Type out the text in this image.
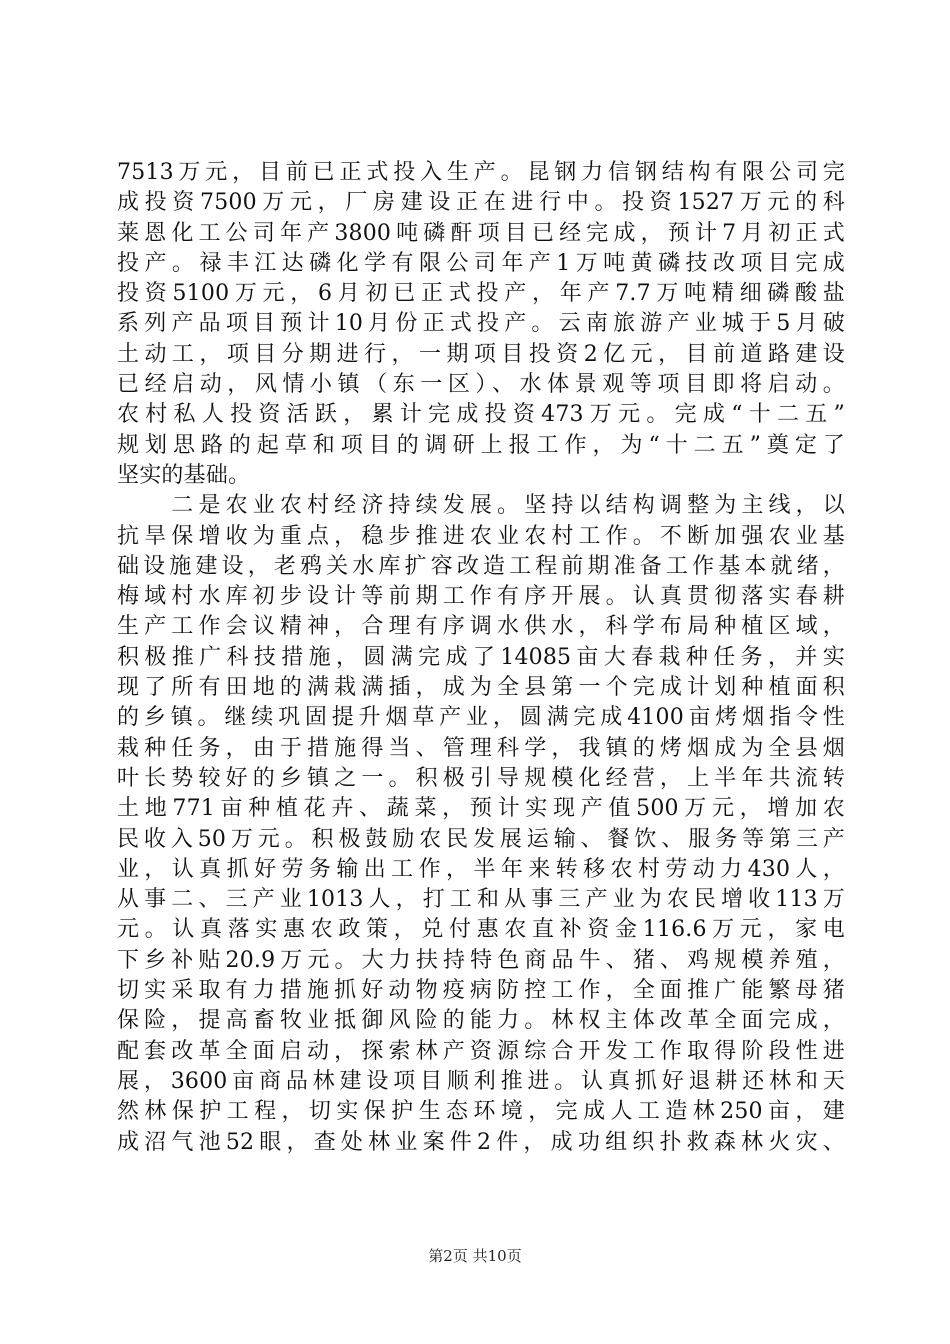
7513万元，目前已正式投入生产。昆钢力信钢结构有限公司完
成投资7500万元，厂房建设正在进行中。投资1527万元的科
莱恩化工公司年产3800吨磷酐项目已经完成，预计7月初正式
投产。禄丰江达磷化学有限公司年产1万吨黄磷技改项目完成
投资5100万元，6月初已正式投产，年产7.7万吨精细磷酸盐
系列产品项目预计10月份正式投产。云南旅游产业城于5月破
土动工，项目分期进行，一期项目投资2亿元，目前道路建设
已经启动，风情小镇（东一区）、水体景观等项目即将启动。
农村私人投资活跃，累计完成投资473万元。完成“十二五”
规划思路的起草和项目的调研上报工作，为“十二五”奠定了
坚实的基础。
　　二是农业农村经济持续发展。坚持以结构调整为主线，以
抗旱保增收为重点，稳步推进农业农村工作。不断加强农业基
础设施建设，老鸦关水库扩容改造工程前期准备工作基本就绪，
梅域村水库初步设计等前期工作有序开展。认真贯彻落实春耕
生产工作会议精神，合理有序调水供水，科学布局种植区域，
积极推广科技措施，圆满完成了14085亩大春栽种任务，并实
现了所有田地的满栽满插，成为全县第一个完成计划种植面积
的乡镇。继续巩固提升烟草产业，圆满完成4100亩烤烟指令性
栽种任务，由于措施得当、管理科学，我镇的烤烟成为全县烟
叶长势较好的乡镇之一。积极引导规模化经营，上半年共流转
土地771亩种植花卉、蔬菜，预计实现产值500万元，增加农
民收入50万元。积极鼓励农民发展运输、餐饮、服务等第三产
业，认真抓好劳务输出工作，半年来转移农村劳动力430人，
从事二、三产业1013人，打工和从事三产业为农民增收113万
元。认真落实惠农政策，兑付惠农直补资金116.6万元，家电
下乡补贴20.9万元。大力扶持特色商品牛、猪、鸡规模养殖，
切实采取有力措施抓好动物疫病防控工作，全面推广能繁母猪
保险，提高畜牧业抵御风险的能力。林权主体改革全面完成，
配套改革全面启动，探索林产资源综合开发工作取得阶段性进
展，3600亩商品林建设项目顺利推进。认真抓好退耕还林和天
然林保护工程，切实保护生态环境，完成人工造林250亩，建
成沼气池52眼，查处林业案件2件，成功组织扑救森林火灾、
第2页 共10页
